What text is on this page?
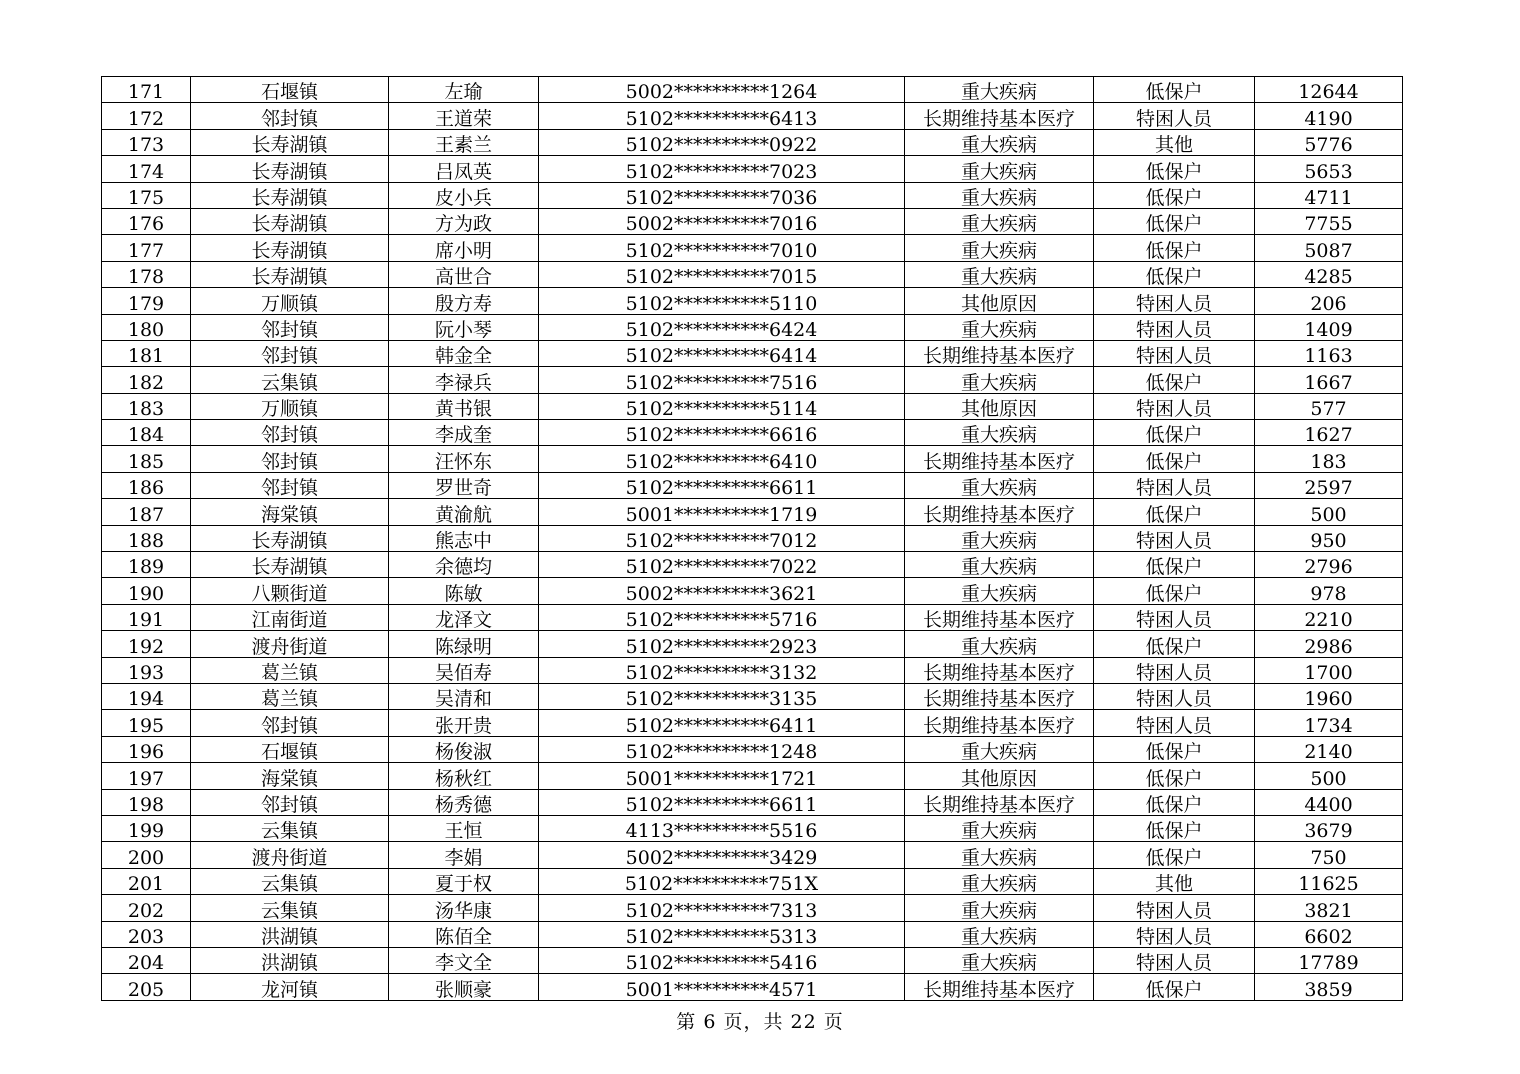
171	石堰镇	左瑜	5002**********1264	重大疾病	低保户	12644
172	邻封镇	王道荣	5102**********6413	长期维持基本医疗	特困人员	4190
173	长寿湖镇	王素兰	5102**********0922	重大疾病	其他	5776
174	长寿湖镇	吕凤英	5102**********7023	重大疾病	低保户	5653
175	长寿湖镇	皮小兵	5102**********7036	重大疾病	低保户	4711
176	长寿湖镇	方为政	5002**********7016	重大疾病	低保户	7755
177	长寿湖镇	席小明	5102**********7010	重大疾病	低保户	5087
178	长寿湖镇	高世合	5102**********7015	重大疾病	低保户	4285
179	万顺镇	殷方寿	5102**********5110	其他原因	特困人员	206
180	邻封镇	阮小琴	5102**********6424	重大疾病	特困人员	1409
181	邻封镇	韩金全	5102**********6414	长期维持基本医疗	特困人员	1163
182	云集镇	李禄兵	5102**********7516	重大疾病	低保户	1667
183	万顺镇	黄书银	5102**********5114	其他原因	特困人员	577
184	邻封镇	李成奎	5102**********6616	重大疾病	低保户	1627
185	邻封镇	汪怀东	5102**********6410	长期维持基本医疗	低保户	183
186	邻封镇	罗世奇	5102**********6611	重大疾病	特困人员	2597
187	海棠镇	黄渝航	5001**********1719	长期维持基本医疗	低保户	500
188	长寿湖镇	熊志中	5102**********7012	重大疾病	特困人员	950
189	长寿湖镇	余德均	5102**********7022	重大疾病	低保户	2796
190	八颗街道	陈敏	5002**********3621	重大疾病	低保户	978
191	江南街道	龙泽文	5102**********5716	长期维持基本医疗	特困人员	2210
192	渡舟街道	陈绿明	5102**********2923	重大疾病	低保户	2986
193	葛兰镇	吴佰寿	5102**********3132	长期维持基本医疗	特困人员	1700
194	葛兰镇	吴清和	5102**********3135	长期维持基本医疗	特困人员	1960
195	邻封镇	张开贵	5102**********6411	长期维持基本医疗	特困人员	1734
196	石堰镇	杨俊淑	5102**********1248	重大疾病	低保户	2140
197	海棠镇	杨秋红	5001**********1721	其他原因	低保户	500
198	邻封镇	杨秀德	5102**********6611	长期维持基本医疗	低保户	4400
199	云集镇	王恒	4113**********5516	重大疾病	低保户	3679
200	渡舟街道	李娟	5002**********3429	重大疾病	低保户	750
201	云集镇	夏于权	5102**********751X	重大疾病	其他	11625
202	云集镇	汤华康	5102**********7313	重大疾病	特困人员	3821
203	洪湖镇	陈佰全	5102**********5313	重大疾病	特困人员	6602
204	洪湖镇	李文全	5102**********5416	重大疾病	特困人员	17789
205	龙河镇	张顺豪	5001**********4571	长期维持基本医疗	低保户	3859
第 6 页，共 22 页
